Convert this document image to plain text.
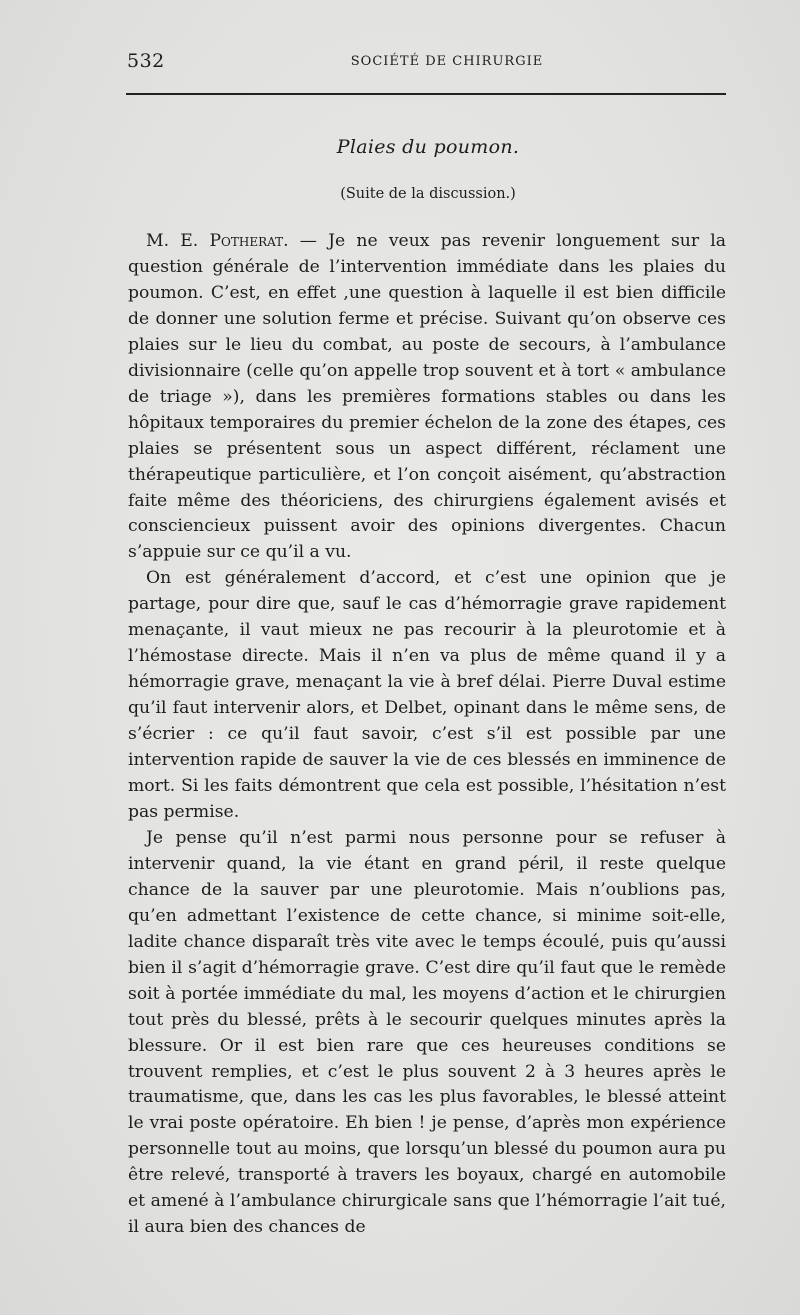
532	SOCIÉTÉ DE CHIRURGIE
Plaies du poumon.
(Suite de la discussion.)

M. E. Potherat. — Je ne veux pas revenir longuement sur la question générale de l’intervention immédiate dans les plaies du poumon. C’est, en effet ,une question à laquelle il est bien difficile de donner une solution ferme et précise. Suivant qu’on observe ces plaies sur le lieu du combat, au poste de secours, à l’ambulance divisionnaire (celle qu’on appelle trop souvent et à tort « ambulance de triage »), dans les premières formations stables ou dans les hôpitaux temporaires du premier échelon de la zone des étapes, ces plaies se présentent sous un aspect différent, réclament une thérapeutique particulière, et l’on conçoit aisément, qu’abstraction faite même des théoriciens, des chirurgiens également avisés et consciencieux puissent avoir des opinions divergentes. Chacun s’appuie sur ce qu’il a vu.

On est généralement d’accord, et c’est une opinion que je partage, pour dire que, sauf le cas d’hémorragie grave rapidement menaçante, il vaut mieux ne pas recourir à la pleurotomie et à l’hémostase directe. Mais il n’en va plus de même quand il y a hémorragie grave, menaçant la vie à bref délai. Pierre Duval estime qu’il faut intervenir alors, et Delbet, opinant dans le même sens, de s’écrier : ce qu’il faut savoir, c’est s’il est possible par une intervention rapide de sauver la vie de ces blessés en imminence de mort. Si les faits démontrent que cela est possible, l’hésitation n’est pas permise.

Je pense qu’il n’est parmi nous personne pour se refuser à intervenir quand, la vie étant en grand péril, il reste quelque chance de la sauver par une pleurotomie. Mais n’oublions pas, qu’en admettant l’existence de cette chance, si minime soit-elle, ladite chance disparaît très vite avec le temps écoulé, puis qu’aussi bien il s’agit d’hémorragie grave. C’est dire qu’il faut que le remède soit à portée immédiate du mal, les moyens d’action et le chirurgien tout près du blessé, prêts à le secourir quelques minutes après la blessure. Or il est bien rare que ces heureuses conditions se trouvent remplies, et c’est le plus souvent 2 à 3 heures après le traumatisme, que, dans les cas les plus favorables, le blessé atteint le vrai poste opératoire. Eh bien ! je pense, d’après mon expérience personnelle tout au moins, que lorsqu’un blessé du poumon aura pu être relevé, transporté à travers les boyaux, chargé en automobile et amené à l’ambulance chirurgicale sans que l’hémorragie l’ait tué, il aura bien des chances de
